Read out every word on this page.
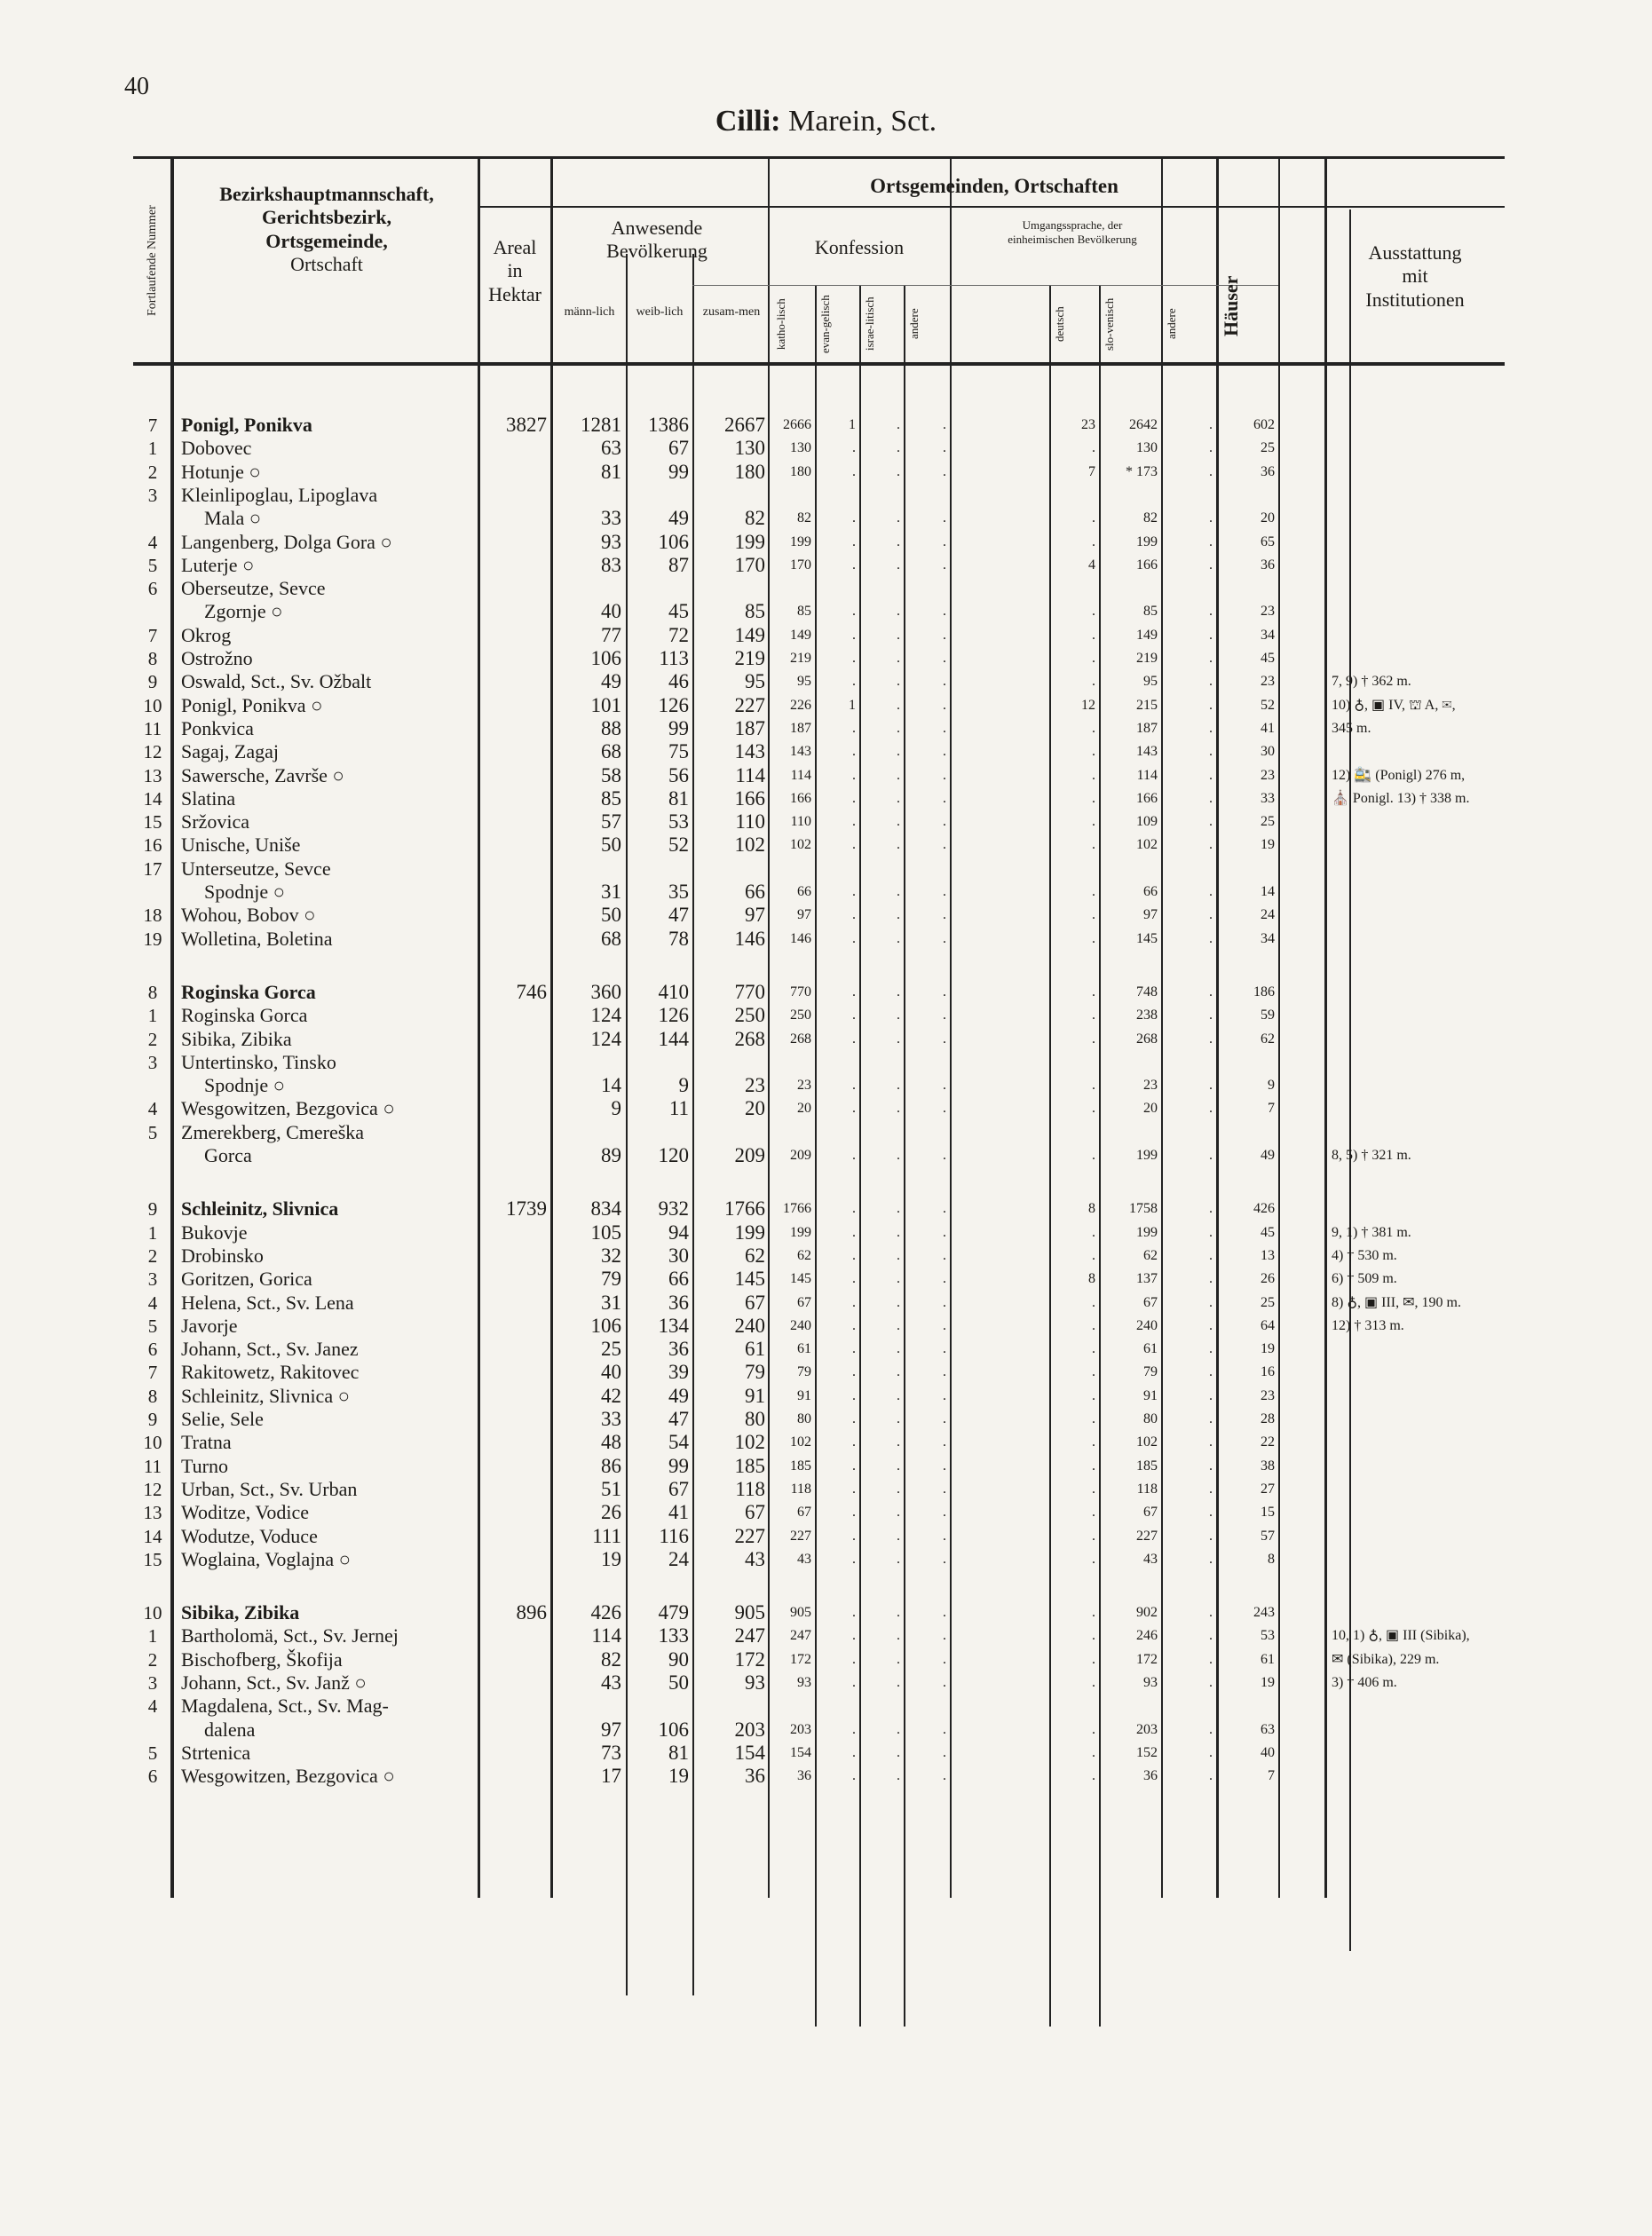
40
Cilli: Marein, Sct.
Fortlaufende Nummer
Bezirkshauptmannschaft,
Gerichtsbezirk,
Ortsgemeinde,
Ortschaft
Ortsgemeinden, Ortschaften
Areal
in
Hektar
Anwesende Bevölkerung
männ-lich	weib-lich	zusam-men
Konfession
katho-lisch	evan-gelisch	israe-litisch	andere
Umgangssprache, der einheimischen Bevölkerung
deutsch	slo-venisch	andere	Häuser
Ausstattung
mit
Institutionen
7	Ponigl, Ponikva	3827	1281	1386	2667	2666	1	.	.	23	2642	.	602
1	Dobovec	63	67	130	130	.	.	.	.	130	.	25
2	Hotunje ○	81	99	180	180	.	.	.	7	* 173	.	36
3	Kleinlipoglau, Lipoglava
Mala ○	33	49	82	82	.	.	.	.	82	.	20
4	Langenberg, Dolga Gora ○	93	106	199	199	.	.	.	.	199	.	65
5	Luterje ○	83	87	170	170	.	.	.	4	166	.	36
6	Oberseutze, Sevce
Zgornje ○	40	45	85	85	.	.	.	.	85	.	23
7	Okrog	77	72	149	149	.	.	.	.	149	.	34
8	Ostrožno	106	113	219	219	.	.	.	.	219	.	45
9	Oswald, Sct., Sv. Ožbalt	49	46	95	95	.	.	.	.	95	.	23	7, 9) † 362 m.
10 Ponigl, Ponikva ○	101	126	227	226	1	.	.	12	215	.	52	10) ♁, ▣ IV, ⛫ A, ✉,
11 Ponkvica	88	99	187	187	.	.	.	.	187	.	41	345 m.
12 Sagaj, Zagaj	68	75	143	143	.	.	.	.	143	.	30
13 Sawersche, Završe ○	58	56	114	114	.	.	.	.	114	.	23	12) 🚉 (Ponigl) 276 m,
14 Slatina	85	81	166	166	.	.	.	.	166	.	33	⛪ Ponigl. 13) † 338 m.
15 Sržovica	57	53	110	110	.	.	.	.	109	.	25
16 Unische, Uniše	50	52	102	102	.	.	.	.	102	.	19
17 Unterseutze, Sevce
Spodnje ○	31	35	66	66	.	.	.	.	66	.	14
18 Wohou, Bobov ○	50	47	97	97	.	.	.	.	97	.	24
19 Wolletina, Boletina	68	78	146	146	.	.	.	.	145	.	34
8	Roginska Gorca	746	360	410	770	770	.	.	.	.	748	.	186
1	Roginska Gorca	124	126	250	250	.	.	.	.	238	.	59
2	Sibika, Zibika	124	144	268	268	.	.	.	.	268	.	62
3	Untertinsko, Tinsko
Spodnje ○	14	9	23	23	.	.	.	.	23	.	9
4	Wesgowitzen, Bezgovica ○	9	11	20	20	.	.	.	.	20	.	7
5	Zmerekberg, Cmereška
Gorca	89	120	209	209	.	.	.	.	199	.	49	8, 5) † 321 m.
9	Schleinitz, Slivnica	1739	834	932	1766	1766	.	.	.	8	1758	.	426
1	Bukovje	105	94	199	199	.	.	.	.	199	.	45	9, 1) † 381 m.
2	Drobinsko	32	30	62	62	.	.	.	.	62	.	13	4) † 530 m.
3	Goritzen, Gorica	79	66	145	145	.	.	.	8	137	.	26	6) † 509 m.
4	Helena, Sct., Sv. Lena	31	36	67	67	.	.	.	.	67	.	25	8) ♁, ▣ III, ✉, 190 m.
5	Javorje	106	134	240	240	.	.	.	.	240	.	64	12) † 313 m.
6	Johann, Sct., Sv. Janez	25	36	61	61	.	.	.	.	61	.	19
7	Rakitowetz, Rakitovec	40	39	79	79	.	.	.	.	79	.	16
8	Schleinitz, Slivnica ○	42	49	91	91	.	.	.	.	91	.	23
9	Selie, Sele	33	47	80	80	.	.	.	.	80	.	28
10 Tratna	48	54	102	102	.	.	.	.	102	.	22
11 Turno	86	99	185	185	.	.	.	.	185	.	38
12 Urban, Sct., Sv. Urban	51	67	118	118	.	.	.	.	118	.	27
13 Woditze, Vodice	26	41	67	67	.	.	.	.	67	.	15
14 Wodutze, Voduce	111	116	227	227	.	.	.	.	227	.	57
15 Woglaina, Voglajna ○	19	24	43	43	.	.	.	.	43	.	8
10 Sibika, Zibika	896	426	479	905	905	.	.	.	.	902	.	243
1	Bartholomä, Sct., Sv. Jernej	114	133	247	247	.	.	.	.	246	.	53	10, 1) ♁, ▣ III (Sibika),
2	Bischofberg, Škofija	82	90	172	172	.	.	.	.	172	.	61	✉ (Sibika), 229 m.
3	Johann, Sct., Sv. Janž ○	43	50	93	93	.	.	.	.	93	.	19	3) † 406 m.
4	Magdalena, Sct., Sv. Mag-
dalena	97	106	203	203	.	.	.	.	203	.	63
5	Strtenica	73	81	154	154	.	.	.	.	152	.	40
6	Wesgowitzen, Bezgovica ○	17	19	36	36	.	.	.	.	36	.	7
